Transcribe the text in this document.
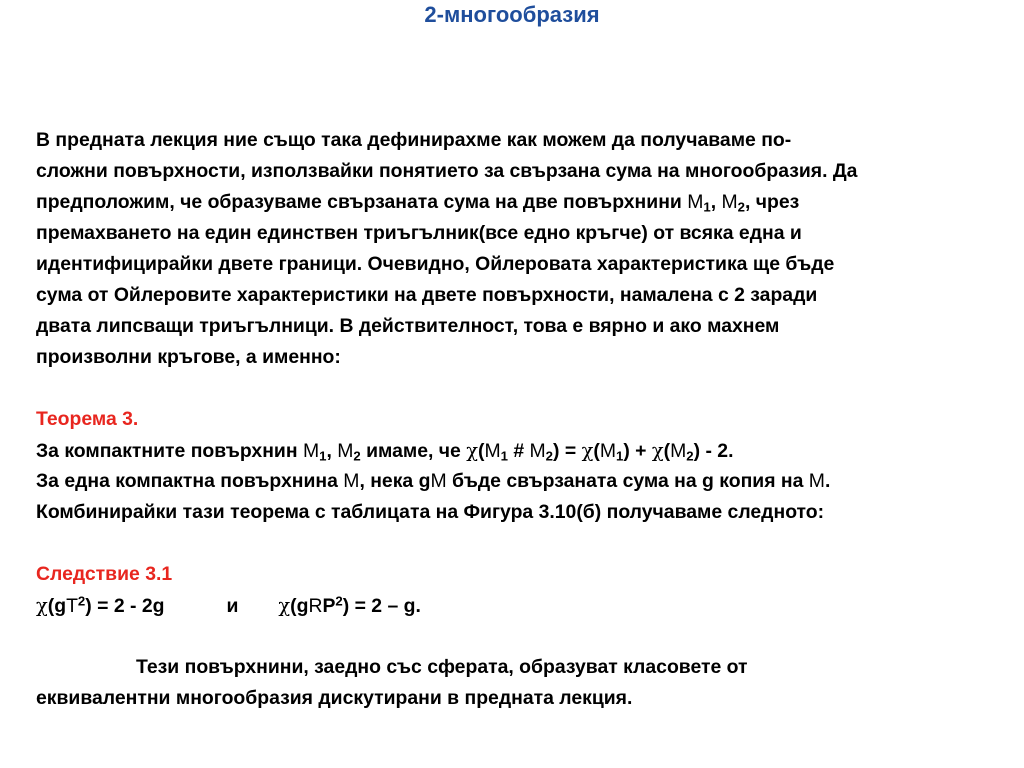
2-многообразия
В предната лекция ние също така дефинирахме как можем да получаваме по-
сложни повърхности, използвайки понятието за свързана сума на многообразия. Да
предположим, че образуваме свързаната сума на две повърхнини $M_1$, $M_2$, чрез
премахването на един единствен триъгълник(все едно кръгче) от всяка една и
идентифицирайки двете граници. Очевидно, Ойлеровата характеристика ще бъде
сума от Ойлеровите характеристики на двете повърхности, намалена с 2 заради
двата липсващи триъгълници. В действителност, това е вярно и ако махнем
произволни кръгове, а именно:
Теорема 3.
За компактните повърхнин $M_1$, $M_2$ имаме, че $\chi(M_1$ # $M_2) = \chi(M_1) + \chi(M_2) - 2$.
За една компактна повърхнина M, нека gM бъде свързаната сума на g копия на M.
Комбинирайки тази теорема с таблицата на Фигура 3.10(б) получаваме следното:
Следствие 3.1
$\chi(gT^2) = 2 - 2g$	и χ(gRP$^2$) = 2 – g.
Тези повърхнини, заедно със сферата, образуват класовете от
еквивалентни многообразия дискутирани в предната лекция.
